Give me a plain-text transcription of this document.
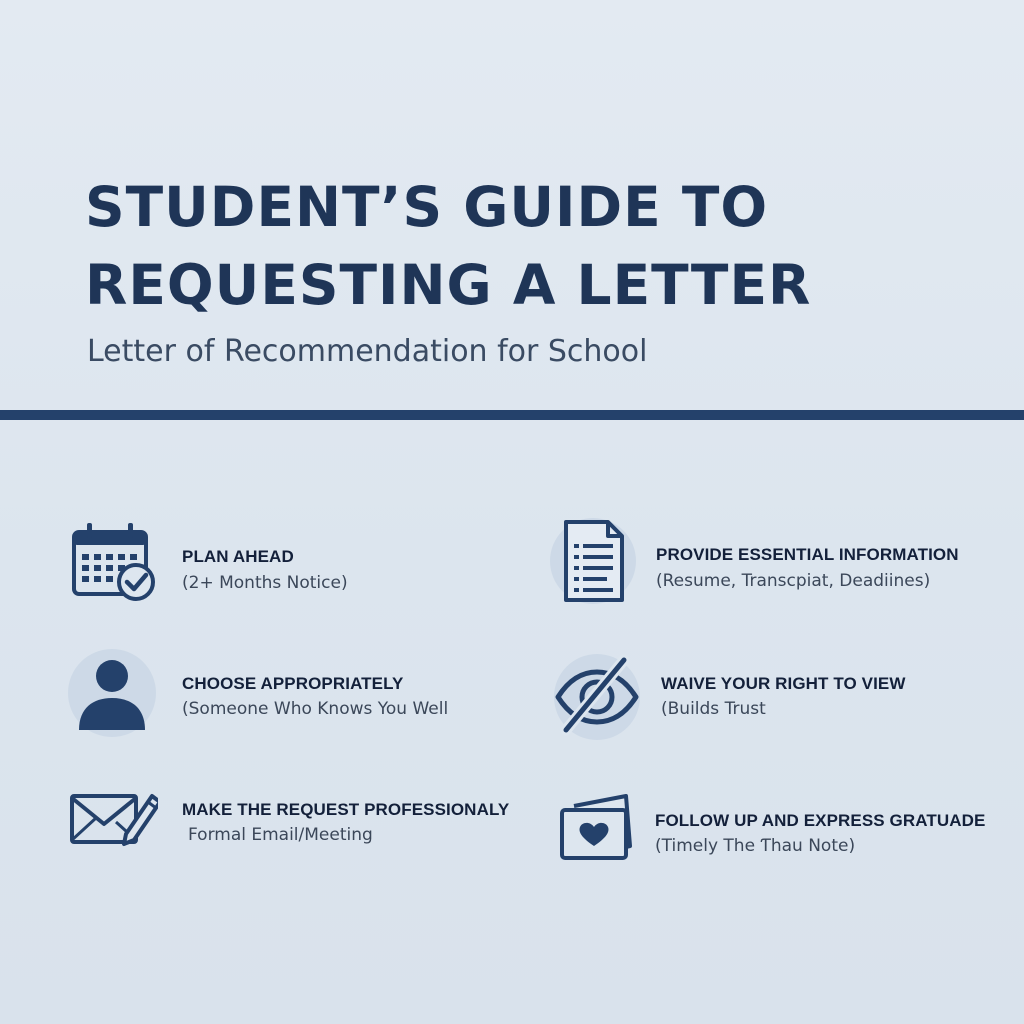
STUDENT’S GUIDE TO
REQUESTING A LETTER

Letter of Recommendation for School

PLAN AHEAD
(2+ Months Notice)
PROVIDE ESSENTIAL INFORMATION
(Resume, Transcpiat, Deadiines)
CHOOSE APPROPRIATELY
(Someone Who Knows You Well
WAIVE YOUR RIGHT TO VIEW
(Builds Trust
MAKE THE REQUEST PROFESSIONALY
Formal Email/Meeting
FOLLOW UP AND EXPRESS GRATUADE
(Timely The Ƭhau Note)
